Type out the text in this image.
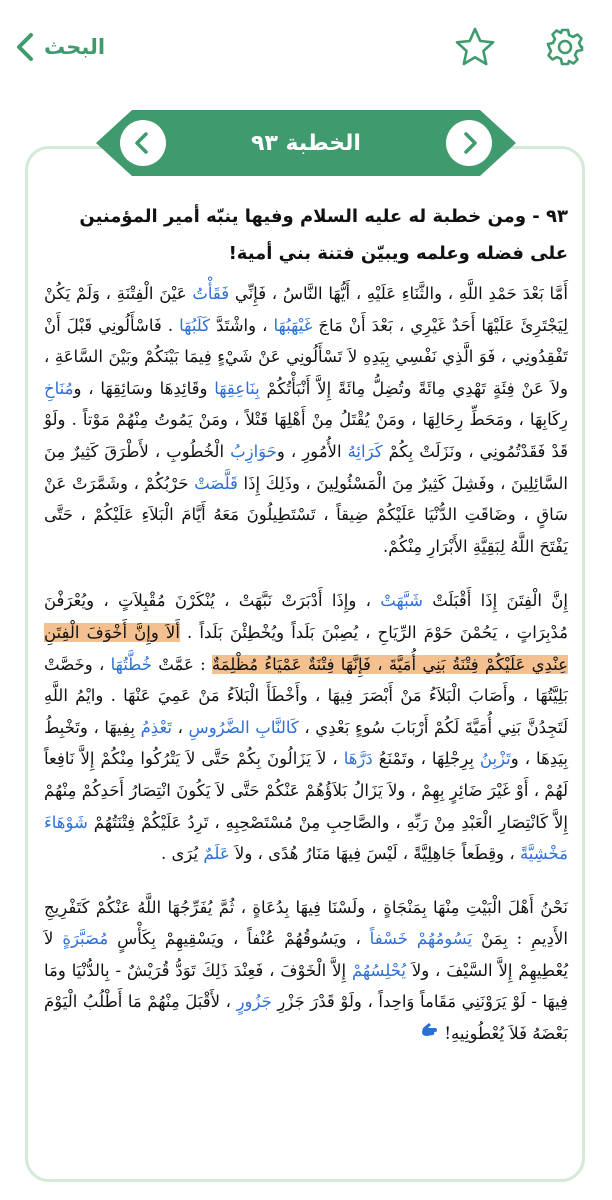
البحث
الخطبة ٩٣
٩٣ - ومن خطبة له عليه السلام وفيها ينبّه أمير المؤمنين على فضله وعلمه ويبيّن فتنة بني أمية!

أَمَّا بَعْدَ حَمْدِ اللَّهِ ، والثَّنَاءِ عَلَيْهِ ، أَيُّهَا النَّاسُ ، فَإِنِّي فَقَأْتُ عَيْنَ الْفِتْنَةِ ، وَلَمْ يَكُنْ لِيَجْتَرِئَ عَلَيْهَا أَحَدٌ غَيْرِي ، بَعْدَ أَنْ مَاجَ غَيْهَبُهَا ، واشْتَدَّ كَلَبُهَا . فَاسْأَلُونِي قَبْلَ أَنْ تَفْقِدُونِي ، فَوَ الَّذِي نَفْسِي بِيَدِهِ لاَ تَسْأَلُونِي عَنْ شَيْءٍ فِيمَا بَيْنَكُمْ وبَيْنَ السَّاعَةِ ، ولاَ عَنْ فِئَةٍ تَهْدِي مِائَةً وتُضِلُّ مِائَةً إِلاَّ أَنْبَأْتُكُمْ بِنَاعِقِهَا وقَائِدِهَا وسَائِقِهَا ، ومُنَاخِ رِكَابِهَا ، ومَحَطِّ رِحَالِهَا ، ومَنْ يُقْتَلُ مِنْ أَهْلِهَا قَتْلاً ، ومَنْ يَمُوتُ مِنْهُمْ مَوْتاً . ولَوْ قَدْ فَقَدْتُمُونِي ، ونَزَلَتْ بِكُمْ كَرَائِهُ الأُمُورِ ، وحَوَازِبُ الْخُطُوبِ ، لأَطْرَقَ كَثِيرٌ مِنَ السَّائِلِينَ ، وفَشِلَ كَثِيرٌ مِنَ الْمَسْئُولِينَ ، وذَلِكَ إِذَا قَلَّصَتْ حَرْبُكُمْ ، وشَمَّرَتْ عَنْ سَاقٍ ، وضَاقَتِ الدُّنْيَا عَلَيْكُمْ ضِيقاً ، تَسْتَطِيلُونَ مَعَهُ أَيَّامَ الْبَلاَءِ عَلَيْكُمْ ، حَتَّى يَفْتَحَ اللَّهُ لِبَقِيَّةِ الأَبْرَارِ مِنْكُمْ.

إِنَّ الْفِتَنَ إِذَا أَقْبَلَتْ شَبَّهَتْ ، وإِذَا أَدْبَرَتْ نَبَّهَتْ ، يُنْكَرْنَ مُقْبِلاَتٍ ، ويُعْرَفْنَ مُدْبِرَاتٍ ، يَحُمْنَ حَوْمَ الرِّيَاحِ ، يُصِبْنَ بَلَداً ويُخْطِئْنَ بَلَداً . أَلاَ وإِنَّ أَخْوَفَ الْفِتَنِ عِنْدِي عَلَيْكُمْ فِتْنَةُ بَنِي أُمَيَّةَ ، فَإِنَّهَا فِتْنَةٌ عَمْيَاءُ مُظْلِمَةٌ : عَمَّتْ خُطَّتُهَا ، وخَصَّتْ بَلِيَّتُهَا ، وأَصَابَ الْبَلاَءُ مَنْ أَبْصَرَ فِيهَا ، وأَخْطَأَ الْبَلاَءُ مَنْ عَمِيَ عَنْهَا . وايْمُ اللَّهِ لَتَجِدُنَّ بَنِي أُمَيَّةَ لَكُمْ أَرْبَابَ سُوءٍ بَعْدِي ، كَالنَّابِ الضَّرُوسِ ، تَعْذِمُ بِفِيهَا ، وتَخْبِطُ بِيَدِهَا ، وتَزْبِنُ بِرِجْلِهَا ، وتَمْنَعُ دَرَّهَا ، لاَ يَزَالُونَ بِكُمْ حَتَّى لاَ يَتْرُكُوا مِنْكُمْ إِلاَّ نَافِعاً لَهُمْ ، أَوْ غَيْرَ ضَائِرٍ بِهِمْ ، ولاَ يَزَالُ بَلاَؤُهُمْ عَنْكُمْ حَتَّى لاَ يَكُونَ انْتِصَارُ أَحَدِكُمْ مِنْهُمْ إِلاَّ كَانْتِصَارِ الْعَبْدِ مِنْ رَبِّهِ ، والصَّاحِبِ مِنْ مُسْتَصْحِبِهِ ، تَرِدُ عَلَيْكُمْ فِتْنَتُهُمْ شَوْهَاءَ مَخْشِيَّةً ، وقِطَعاً جَاهِلِيَّةً ، لَيْسَ فِيهَا مَنَارُ هُدًى ، ولاَ عَلَمٌ يُرَى .

نَحْنُ أَهْلَ الْبَيْتِ مِنْهَا بِمَنْجَاةٍ ، ولَسْنَا فِيهَا بِدُعَاةٍ ، ثُمَّ يُفَرِّجُهَا اللَّهُ عَنْكُمْ كَتَفْرِيجِ الأَدِيمِ : بِمَنْ يَسُومُهُمْ خَسْفاً ، ويَسُوقُهُمْ عُنْفاً ، ويَسْقِيهِمْ بِكَأْسٍ مُصَبَّرَةٍ لاَ يُعْطِيهِمْ إِلاَّ السَّيْفَ ، ولاَ يُحْلِسُهُمْ إِلاَّ الْخَوْفَ ، فَعِنْدَ ذَلِكَ تَوَدُّ قُرَيْشٌ - بِالدُّنْيَا ومَا فِيهَا - لَوْ يَرَوْنَنِي مَقَاماً وَاحِداً ، ولَوْ قَدْرَ جَزْرِ جَزُورٍ ، لأَقْبَلَ مِنْهُمْ مَا أَطْلُبُ الْيَوْمَ بَعْضَهُ فَلاَ يُعْطُونِيهِ!
